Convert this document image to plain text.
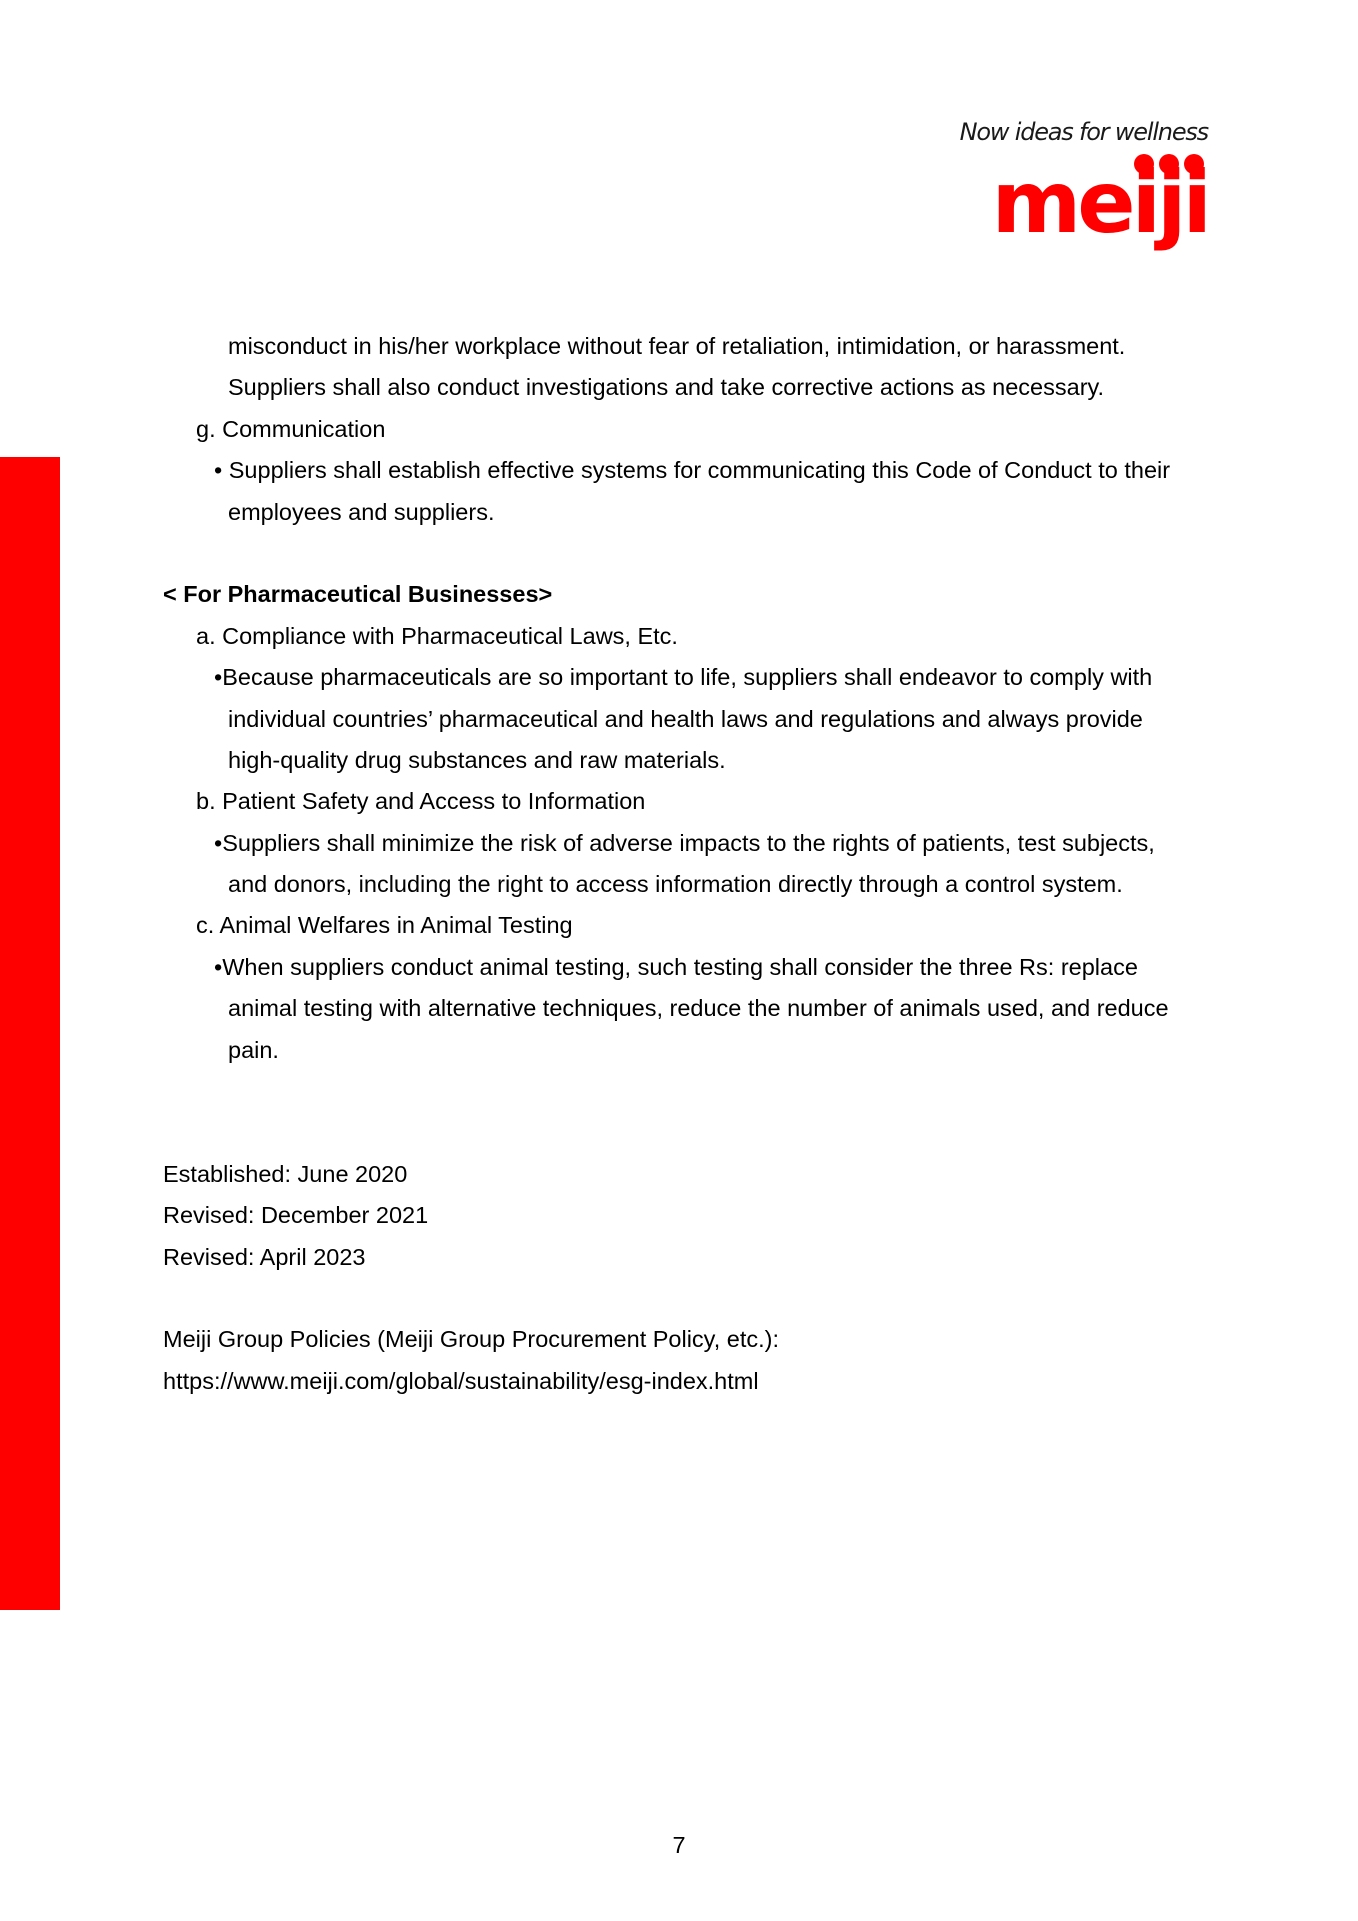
Now ideas for wellness
meiji
misconduct in his/her workplace without fear of retaliation, intimidation, or harassment.
Suppliers shall also conduct investigations and take corrective actions as necessary.
g. Communication
• Suppliers shall establish effective systems for communicating this Code of Conduct to their
employees and suppliers.
< For Pharmaceutical Businesses>
a. Compliance with Pharmaceutical Laws, Etc.
•Because pharmaceuticals are so important to life, suppliers shall endeavor to comply with
individual countries’ pharmaceutical and health laws and regulations and always provide
high-quality drug substances and raw materials.
b. Patient Safety and Access to Information
•Suppliers shall minimize the risk of adverse impacts to the rights of patients, test subjects,
and donors, including the right to access information directly through a control system.
c. Animal Welfares in Animal Testing
•When suppliers conduct animal testing, such testing shall consider the three Rs: replace
animal testing with alternative techniques, reduce the number of animals used, and reduce
pain.
Established: June 2020
Revised: December 2021
Revised: April 2023
Meiji Group Policies (Meiji Group Procurement Policy, etc.):
https://www.meiji.com/global/sustainability/esg-index.html
7
